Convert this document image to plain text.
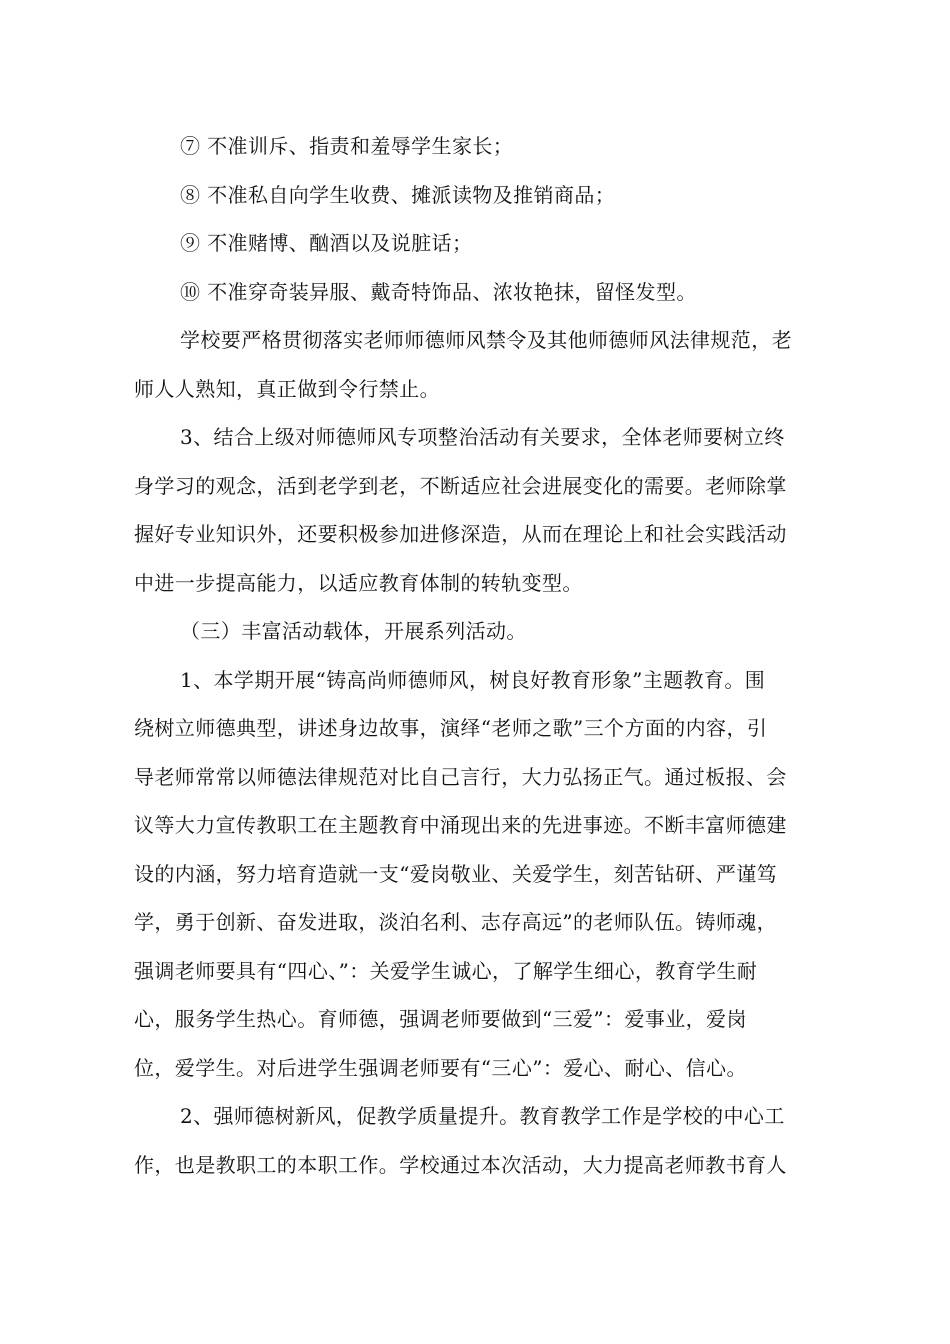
⑦ 不准训斥、指责和羞辱学生家长；
⑧ 不准私自向学生收费、摊派读物及推销商品；
⑨ 不准赌博、酗酒以及说脏话；
⑩ 不准穿奇装异服、戴奇特饰品、浓妆艳抹，留怪发型。
学校要严格贯彻落实老师师德师风禁令及其他师德师风法律规范，老
师人人熟知，真正做到令行禁止。
3、结合上级对师德师风专项整治活动有关要求，全体老师要树立终
身学习的观念，活到老学到老，不断适应社会进展变化的需要。老师除掌
握好专业知识外，还要积极参加进修深造，从而在理论上和社会实践活动
中进一步提高能力，以适应教育体制的转轨变型。
（三）丰富活动载体，开展系列活动。
1、本学期开展“铸高尚师德师风，树良好教育形象”主题教育。围
绕树立师德典型，讲述身边故事，演绎“老师之歌”三个方面的内容，引
导老师常常以师德法律规范对比自己言行，大力弘扬正气。通过板报、会
议等大力宣传教职工在主题教育中涌现出来的先进事迹。不断丰富师德建
设的内涵，努力培育造就一支“爱岗敬业、关爱学生，刻苦钻研、严谨笃
学，勇于创新、奋发进取，淡泊名利、志存高远”的老师队伍。铸师魂，
强调老师要具有“四心、”：关爱学生诚心，了解学生细心，教育学生耐
心，服务学生热心。育师德，强调老师要做到“三爱”：爱事业，爱岗
位，爱学生。对后进学生强调老师要有“三心”：爱心、耐心、信心。
2、强师德树新风，促教学质量提升。教育教学工作是学校的中心工
作，也是教职工的本职工作。学校通过本次活动，大力提高老师教书育人
